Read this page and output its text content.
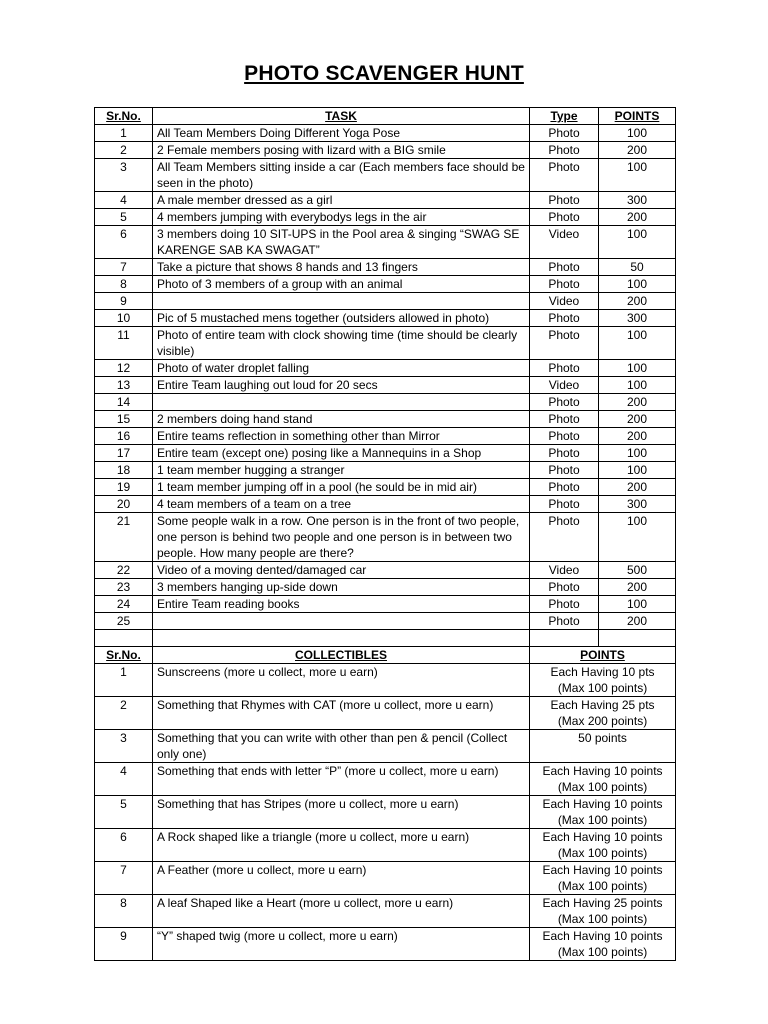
PHOTO SCAVENGER HUNT
Sr.No.	TASK	Type	POINTS
1	All Team Members Doing Different Yoga Pose	Photo	100
2	2 Female members posing with lizard with a BIG smile	Photo	200
3	All Team Members sitting inside a car (Each members face should be seen in the photo)	Photo	100
4	A male member dressed as a girl	Photo	300
5	4 members jumping with everybodys legs in the air	Photo	200
6	3 members doing 10 SIT-UPS in the Pool area & singing “SWAG SE KARENGE SAB KA SWAGAT”	Video	100
7	Take a picture that shows 8 hands and 13 fingers	Photo	50
8	Photo of 3 members of a group with an animal	Photo	100
9		Video	200
10	Pic of 5 mustached mens together (outsiders allowed in photo)	Photo	300
11	Photo of entire team with clock showing time (time should be clearly visible)	Photo	100
12	Photo of water droplet falling	Photo	100
13	Entire Team laughing out loud for 20 secs	Video	100
14		Photo	200
15	2 members doing hand stand	Photo	200
16	Entire teams reflection in something other than Mirror	Photo	200
17	Entire team (except one) posing like a Mannequins in a Shop	Photo	100
18	1 team member hugging a stranger	Photo	100
19	1 team member jumping off in a pool (he sould be in mid air)	Photo	200
20	4 team members of a team on a tree	Photo	300
21	Some people walk in a row. One person is in the front of two people, one person is behind two people and one person is in between two people. How many people are there?	Photo	100
22	Video of a moving dented/damaged car	Video	500
23	3 members hanging up-side down	Photo	200
24	Entire Team reading books	Photo	100
25		Photo	200

Sr.No.	COLLECTIBLES	POINTS	
1	Sunscreens (more u collect, more u earn)	Each Having 10 pts
(Max 100 points)	

2	Something that Rhymes with CAT (more u collect, more u earn)	Each Having 25 pts
(Max 200 points)	

3	Something that you can write with other than pen & pencil (Collect only one)	50 points	

4	Something that ends with letter “P” (more u collect, more u earn)	Each Having 10 points
(Max 100 points)	

5	Something that has Stripes (more u collect, more u earn)	Each Having 10 points
(Max 100 points)	

6	A Rock shaped like a triangle (more u collect, more u earn)	Each Having 10 points
(Max 100 points)	

7	A Feather (more u collect, more u earn)	Each Having 10 points
(Max 100 points)	

8	A leaf Shaped like a Heart (more u collect, more u earn)	Each Having 25 points
(Max 100 points)	

9	“Y” shaped twig (more u collect, more u earn)	Each Having 10 points
(Max 100 points)	
